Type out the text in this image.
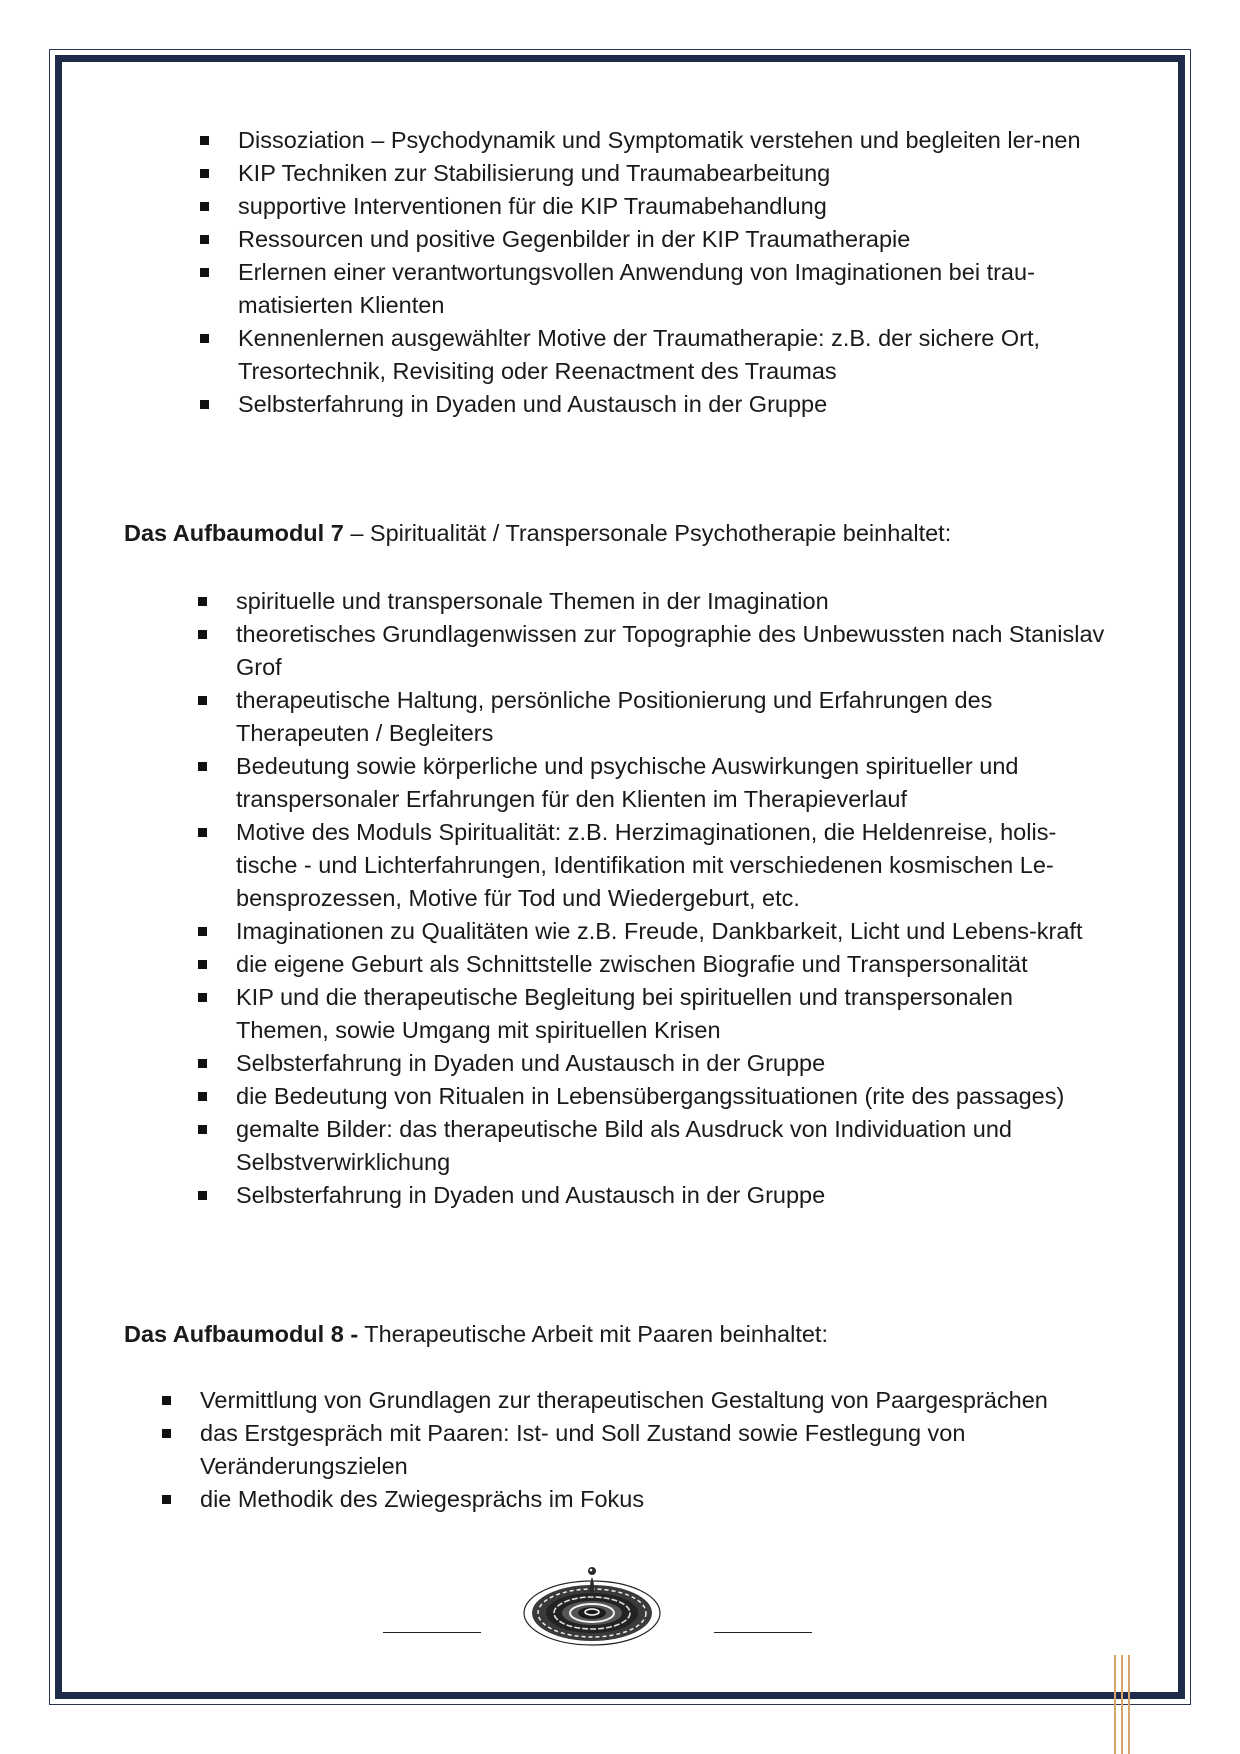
Dissoziation – Psychodynamik und Symptomatik verstehen und begleiten ler-nen
KIP Techniken zur Stabilisierung und Traumabearbeitung
supportive Interventionen für die KIP Traumabehandlung
Ressourcen und positive Gegenbilder in der KIP Traumatherapie
Erlernen einer verantwortungsvollen Anwendung von Imaginationen bei trau-matisierten Klienten
Kennenlernen ausgewählter Motive der Traumatherapie: z.B. der sichere Ort, Tresortechnik, Revisiting oder Reenactment des Traumas
Selbsterfahrung in Dyaden und Austausch in der Gruppe
Das Aufbaumodul 7 – Spiritualität / Transpersonale Psychotherapie beinhaltet:
spirituelle und transpersonale Themen in der Imagination
theoretisches Grundlagenwissen zur Topographie des Unbewussten nach Stanislav Grof
therapeutische Haltung, persönliche Positionierung und Erfahrungen des Therapeuten / Begleiters
Bedeutung sowie körperliche und psychische Auswirkungen spiritueller und transpersonaler Erfahrungen für den Klienten im Therapieverlauf
Motive des Moduls Spiritualität: z.B. Herzimaginationen, die Heldenreise, holis-tische - und Lichterfahrungen, Identifikation mit verschiedenen kosmischen Le-bensprozessen, Motive für Tod und Wiedergeburt, etc.
Imaginationen zu Qualitäten wie z.B. Freude, Dankbarkeit, Licht und Lebens-kraft
die eigene Geburt als Schnittstelle zwischen Biografie und Transpersonalität
KIP und die therapeutische Begleitung bei spirituellen und transpersonalen Themen, sowie Umgang mit spirituellen Krisen
Selbsterfahrung in Dyaden und Austausch in der Gruppe
die Bedeutung von Ritualen in Lebensübergangssituationen (rite des passages)
gemalte Bilder: das therapeutische Bild als Ausdruck von Individuation und Selbstverwirklichung
Selbsterfahrung in Dyaden und Austausch in der Gruppe
Das Aufbaumodul 8 - Therapeutische Arbeit mit Paaren beinhaltet:
Vermittlung von Grundlagen zur therapeutischen Gestaltung von Paargesprächen
das Erstgespräch mit Paaren: Ist- und Soll Zustand sowie Festlegung von Veränderungszielen
die Methodik des Zwiegesprächs im Fokus
